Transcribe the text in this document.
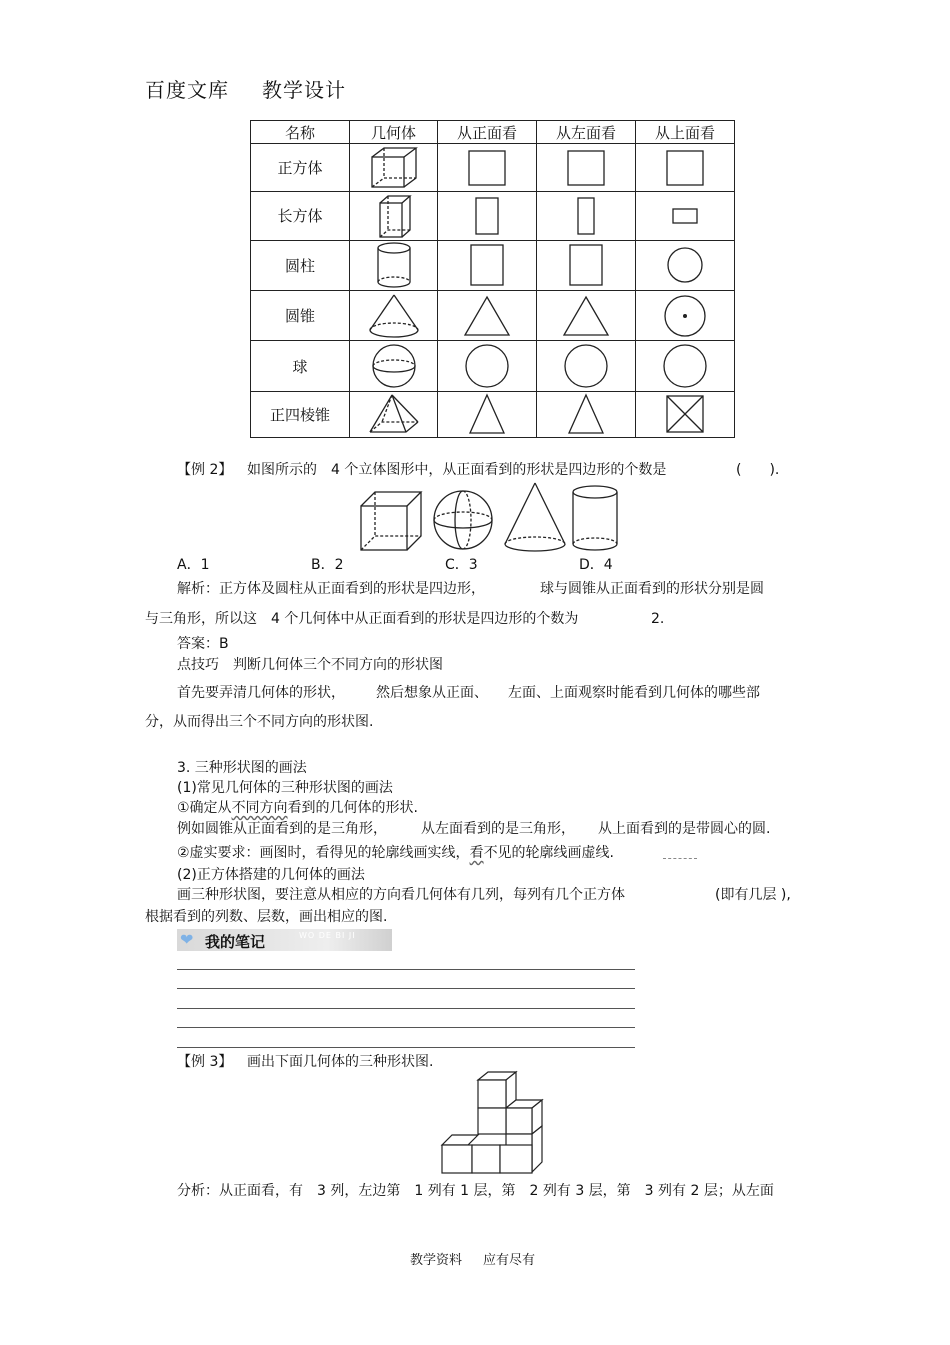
百度文库 教学设计
名称	几何体	从正面看	从左面看	从上面看
正方体	

长方体	

圆柱	

圆锥	

球	

正四棱锥	

【例 2】 如图所示的　4 个立体图形中，从正面看到的形状是四边形的个数是	(　　).
A．1	B．2	C．3	D．4
解析：正方体及圆柱从正面看到的形状是四边形，	球与圆锥从正面看到的形状分别是圆
与三角形，所以这　4 个几何体中从正面看到的形状是四边形的个数为	2.
答案：B
点技巧　判断几何体三个不同方向的形状图
首先要弄清几何体的形状， 然后想象从正面、 左面、上面观察时能看到几何体的哪些部
分，从而得出三个不同方向的形状图.
3. 三种形状图的画法
(1)常见几何体的三种形状图的画法
①确定从不同方向看到的几何体的形状.
例如圆锥从正面看到的是三角形， 从左面看到的是三角形， 从上面看到的是带圆心的圆.
②虚实要求：画图时，看得见的轮廓线画实线，看不见的轮廓线画虚线.
(2)正方体搭建的几何体的画法
画三种形状图，要注意从相应的方向看几何体有几列，每列有几个正方体	(即有几层 ),
根据看到的列数、层数，画出相应的图.
❤ 我的笔记	WO DE BI JI
【例 3】 画出下面几何体的三种形状图.
分析：从正面看，有　3 列，左边第　1 列有 1 层，第　2 列有 3 层，第　3 列有 2 层；从左面
教学资料 应有尽有
